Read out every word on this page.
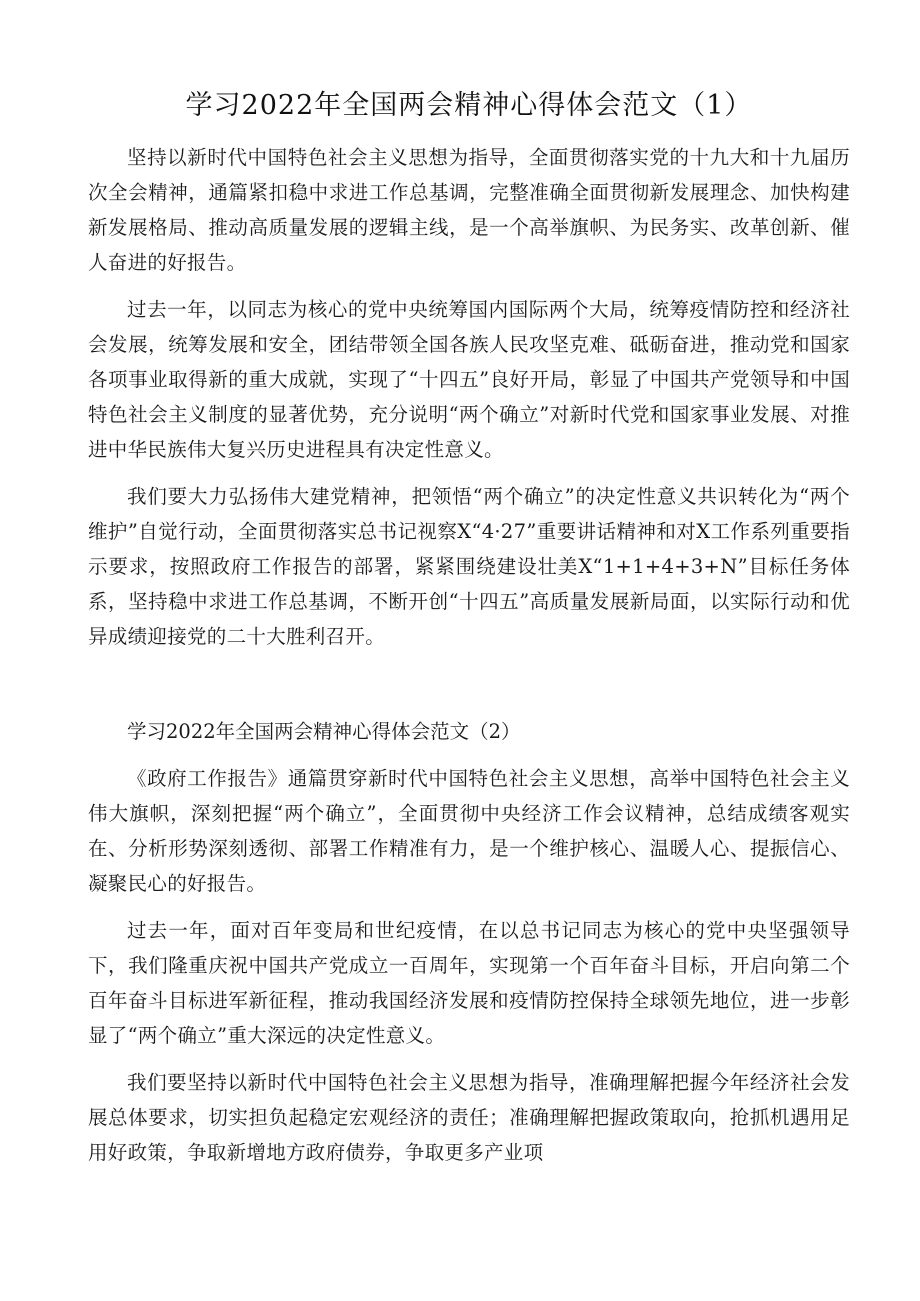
学习2022年全国两会精神心得体会范文（1）

坚持以新时代中国特色社会主义思想为指导，全面贯彻落实党的十九大和十九届历次全会精神，通篇紧扣稳中求进工作总基调，完整准确全面贯彻新发展理念、加快构建新发展格局、推动高质量发展的逻辑主线，是一个高举旗帜、为民务实、改革创新、催人奋进的好报告。

过去一年，以同志为核心的党中央统筹国内国际两个大局，统筹疫情防控和经济社会发展，统筹发展和安全，团结带领全国各族人民攻坚克难、砥砺奋进，推动党和国家各项事业取得新的重大成就，实现了“十四五”良好开局，彰显了中国共产党领导和中国特色社会主义制度的显著优势，充分说明“两个确立”对新时代党和国家事业发展、对推进中华民族伟大复兴历史进程具有决定性意义。

我们要大力弘扬伟大建党精神，把领悟“两个确立”的决定性意义共识转化为“两个维护”自觉行动，全面贯彻落实总书记视察X“4·27”重要讲话精神和对X工作系列重要指示要求，按照政府工作报告的部署，紧紧围绕建设壮美X“1+1+4+3+N”目标任务体系，坚持稳中求进工作总基调，不断开创“十四五”高质量发展新局面，以实际行动和优异成绩迎接党的二十大胜利召开。

学习2022年全国两会精神心得体会范文（2）

《政府工作报告》通篇贯穿新时代中国特色社会主义思想，高举中国特色社会主义伟大旗帜，深刻把握“两个确立”，全面贯彻中央经济工作会议精神，总结成绩客观实在、分析形势深刻透彻、部署工作精准有力，是一个维护核心、温暖人心、提振信心、凝聚民心的好报告。

过去一年，面对百年变局和世纪疫情，在以总书记同志为核心的党中央坚强领导下，我们隆重庆祝中国共产党成立一百周年，实现第一个百年奋斗目标，开启向第二个百年奋斗目标进军新征程，推动我国经济发展和疫情防控保持全球领先地位，进一步彰显了“两个确立”重大深远的决定性意义。

我们要坚持以新时代中国特色社会主义思想为指导，准确理解把握今年经济社会发展总体要求，切实担负起稳定宏观经济的责任；准确理解把握政策取向，抢抓机遇用足用好政策，争取新增地方政府债券，争取更多产业项
